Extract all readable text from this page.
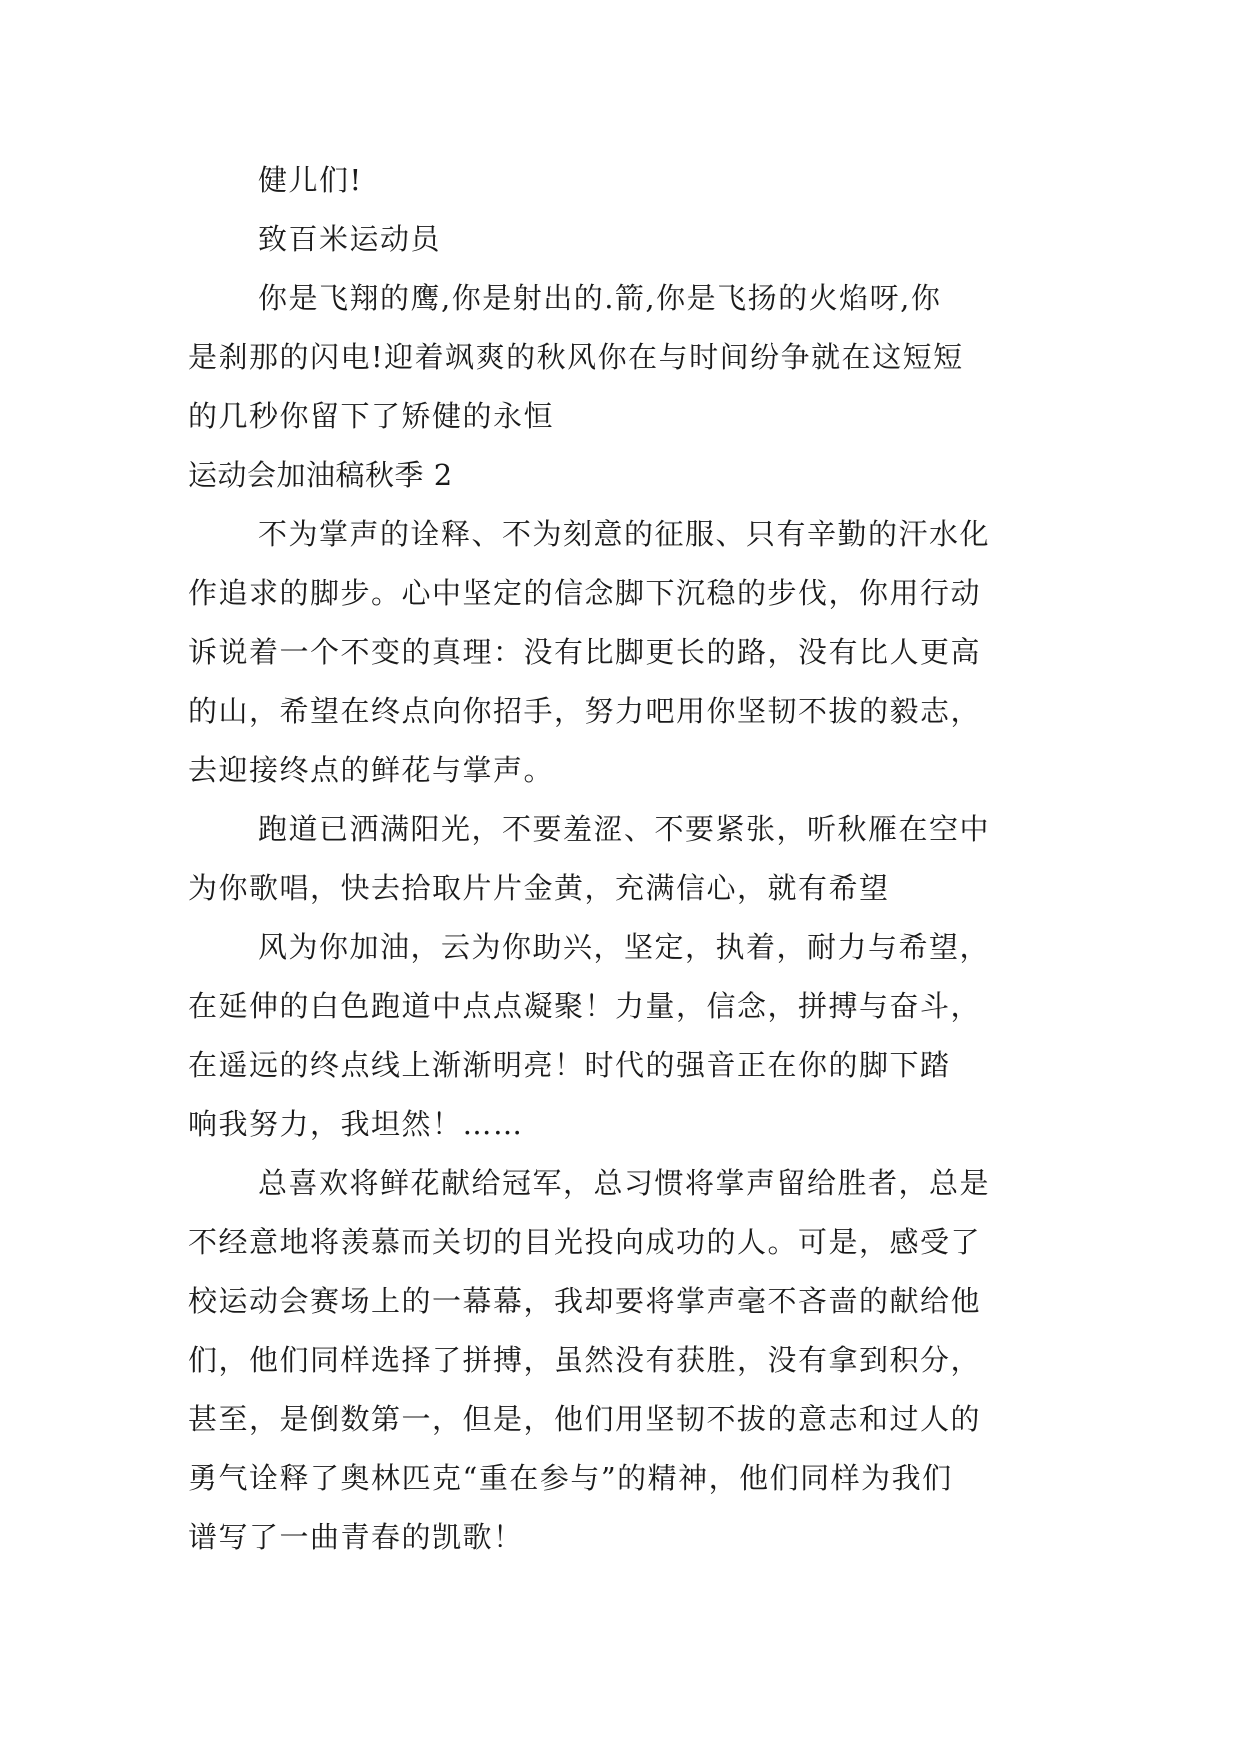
健儿们!
致百米运动员
你是飞翔的鹰,你是射出的.箭,你是飞扬的火焰呀,你
是刹那的闪电!迎着飒爽的秋风你在与时间纷争就在这短短
的几秒你留下了矫健的永恒
运动会加油稿秋季 2
不为掌声的诠释、不为刻意的征服、只有辛勤的汗水化
作追求的脚步。心中坚定的信念脚下沉稳的步伐，你用行动
诉说着一个不变的真理：没有比脚更长的路，没有比人更高
的山，希望在终点向你招手，努力吧用你坚韧不拔的毅志，
去迎接终点的鲜花与掌声。
跑道已洒满阳光，不要羞涩、不要紧张，听秋雁在空中
为你歌唱，快去拾取片片金黄，充满信心，就有希望
风为你加油，云为你助兴，坚定，执着，耐力与希望，
在延伸的白色跑道中点点凝聚！力量，信念，拼搏与奋斗，
在遥远的终点线上渐渐明亮！时代的强音正在你的脚下踏
响我努力，我坦然！……
总喜欢将鲜花献给冠军，总习惯将掌声留给胜者，总是
不经意地将羡慕而关切的目光投向成功的人。可是，感受了
校运动会赛场上的一幕幕，我却要将掌声毫不吝啬的献给他
们，他们同样选择了拼搏，虽然没有获胜，没有拿到积分，
甚至，是倒数第一，但是，他们用坚韧不拔的意志和过人的
勇气诠释了奥林匹克“重在参与”的精神，他们同样为我们
谱写了一曲青春的凯歌！
